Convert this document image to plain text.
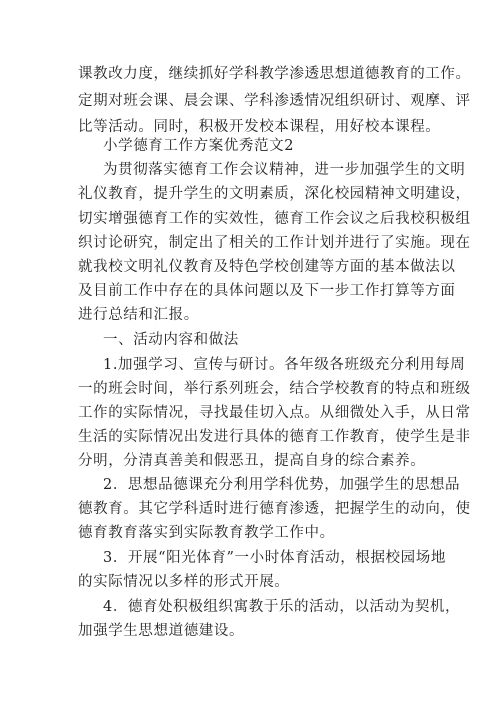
课教改力度，继续抓好学科教学渗透思想道德教育的工作。
定期对班会课、晨会课、学科渗透情况组织研讨、观摩、评
比等活动。同时，积极开发校本课程，用好校本课程。
小学德育工作方案优秀范文2
为贯彻落实德育工作会议精神，进一步加强学生的文明
礼仪教育，提升学生的文明素质，深化校园精神文明建设，
切实增强德育工作的实效性，德育工作会议之后我校积极组
织讨论研究，制定出了相关的工作计划并进行了实施。现在
就我校文明礼仪教育及特色学校创建等方面的基本做法以
及目前工作中存在的具体问题以及下一步工作打算等方面
进行总结和汇报。
一、活动内容和做法
1.加强学习、宣传与研讨。各年级各班级充分利用每周
一的班会时间，举行系列班会，结合学校教育的特点和班级
工作的实际情况，寻找最佳切入点。从细微处入手，从日常
生活的实际情况出发进行具体的德育工作教育，使学生是非
分明，分清真善美和假恶丑，提高自身的综合素养。
2．思想品德课充分利用学科优势，加强学生的思想品
德教育。其它学科适时进行德育渗透，把握学生的动向，使
德育教育落实到实际教育教学工作中。
3．开展“阳光体育”一小时体育活动，根据校园场地
的实际情况以多样的形式开展。
4．德育处积极组织寓教于乐的活动，以活动为契机，
加强学生思想道德建设。
